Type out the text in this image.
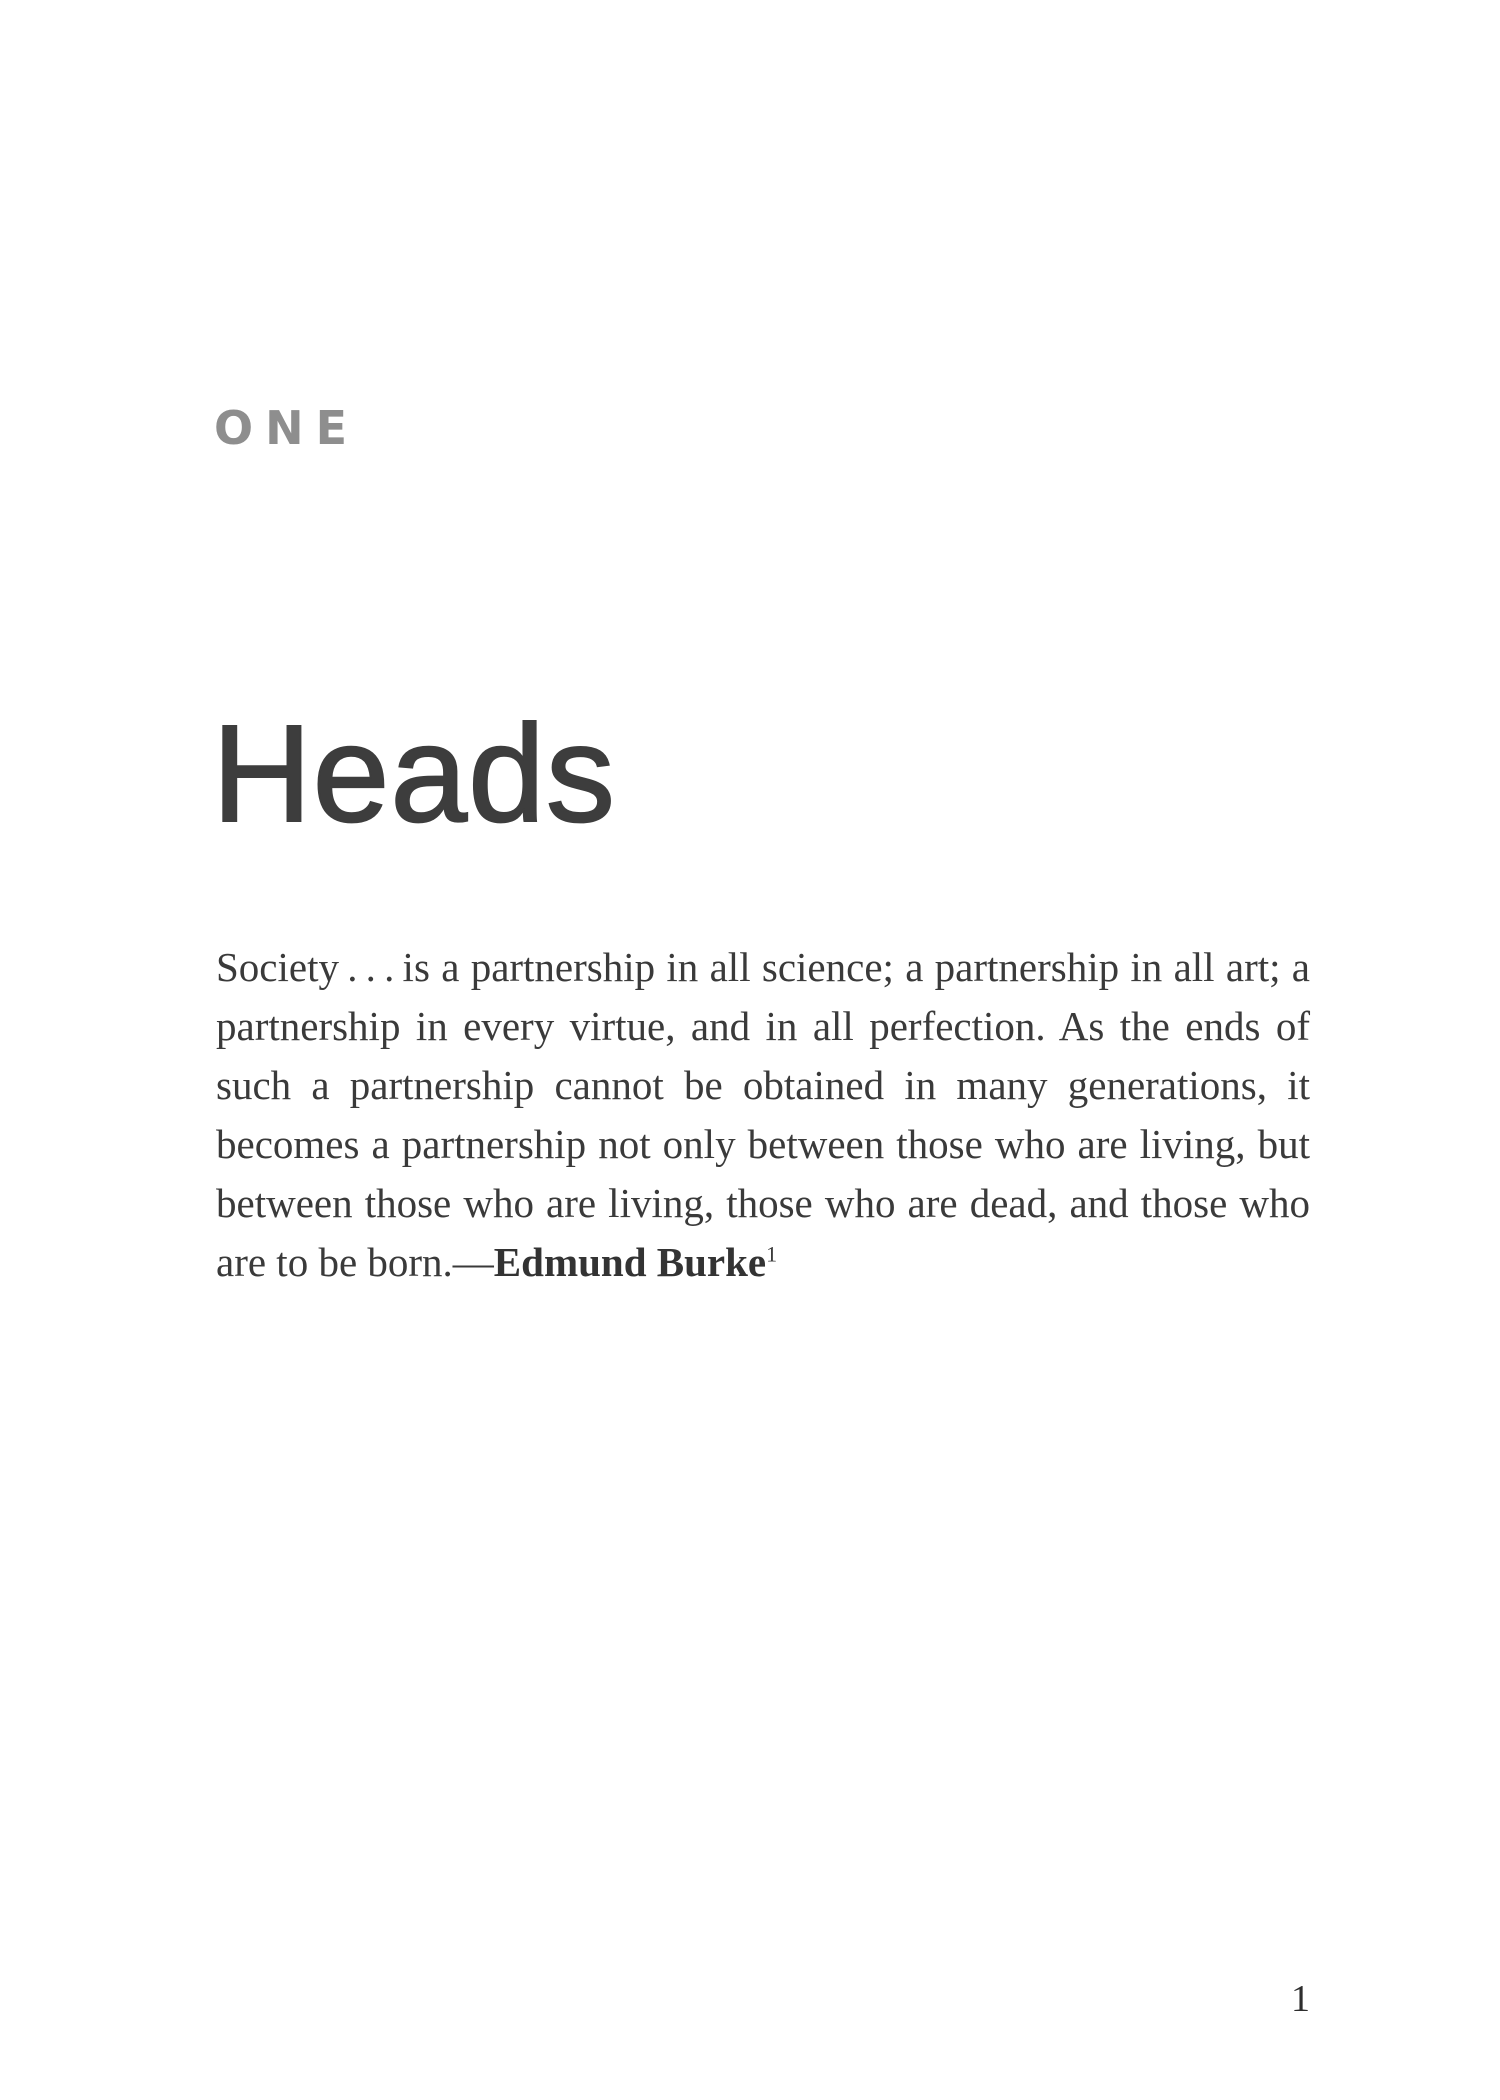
ONE
Heads

Society . . . is a partnership in all science; a partnership in all art; a partnership in every virtue, and in all perfection. As the ends of such a partnership cannot be obtained in many generations, it becomes a partnership not only between those who are living, but between those who are living, those who are dead, and those who are to be born.—Edmund Burke$^1$

1
